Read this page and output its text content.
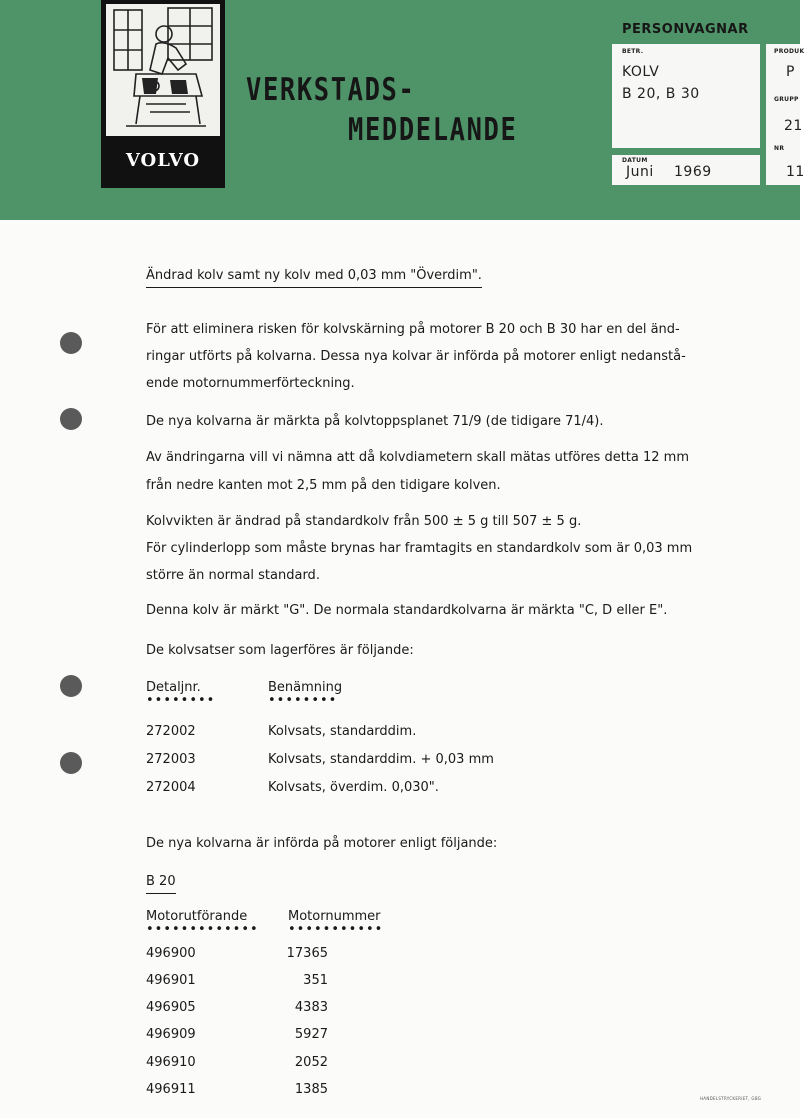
VOLVO
VERKSTADS-
MEDDELANDE
PERSONVAGNAR
BETR.
KOLV
B 20, B 30
DATUM
Juni 1969
PRODUK
P
GRUPP
21
NR
11
Ändrad kolv samt ny kolv med 0,03 mm "Överdim".
För att eliminera risken för kolvskärning på motorer B 20 och B 30 har en del änd-
ringar utförts på kolvarna. Dessa nya kolvar är införda på motorer enligt nedanstå-
ende motornummerförteckning.
De nya kolvarna är märkta på kolvtoppsplanet 71/9 (de tidigare 71/4).
Av ändringarna vill vi nämna att då kolvdiametern skall mätas utföres detta 12 mm
från nedre kanten mot 2,5 mm på den tidigare kolven.
Kolvvikten är ändrad på standardkolv från 500 ± 5 g till 507 ± 5 g.
För cylinderlopp som måste brynas har framtagits en standardkolv som är 0,03 mm
större än normal standard.
Denna kolv är märkt "G". De normala standardkolvarna är märkta "C, D eller E".
De kolvsatser som lagerföres är följande:
Detaljnr.	Benämning
••••••••	••••••••
272002	Kolvsats, standarddim.
272003	Kolvsats, standarddim. + 0,03 mm
272004	Kolvsats, överdim. 0,030".
De nya kolvarna är införda på motorer enligt följande:
B 20
Motorutförande	Motornummer
••••••••••••• •••••••••••
496900	17365
496901	351
496905	4383
496909	5927
496910	2052
496911	1385
HANDELSTRYCKERIET, GBG
